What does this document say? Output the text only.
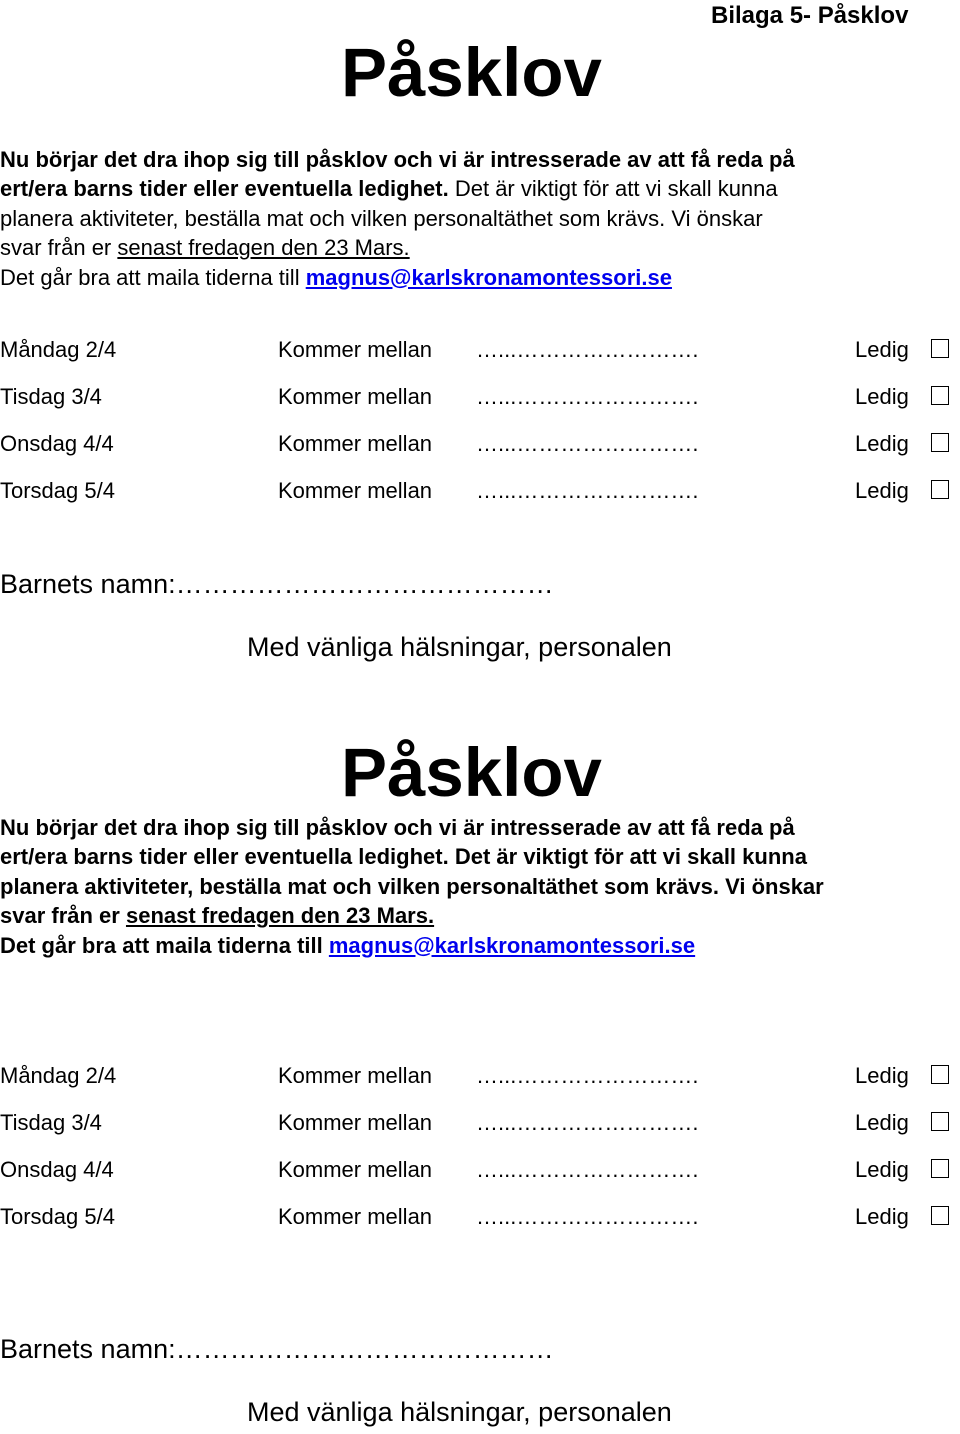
Bilaga 5- Påsklov
Påsklov
Nu börjar det dra ihop sig till påsklov och vi är intresserade av att få reda på
ert/era barns tider eller eventuella ledighet. Det är viktigt för att vi skall kunna
planera aktiviteter, beställa mat och vilken personaltäthet som krävs. Vi önskar
svar från er senast fredagen den 23 Mars.
Det går bra att maila tiderna till magnus@karlskronamontessori.se
Måndag 2/4	Kommer mellan …...…………………….	Ledig
Tisdag 3/4	Kommer mellan …...…………………….	Ledig
Onsdag 4/4	Kommer mellan …...…………………….	Ledig
Torsdag 5/4	Kommer mellan …...…………………….	Ledig
Barnets namn:……………………………………
Med vänliga hälsningar, personalen
Påsklov
Nu börjar det dra ihop sig till påsklov och vi är intresserade av att få reda på
ert/era barns tider eller eventuella ledighet. Det är viktigt för att vi skall kunna
planera aktiviteter, beställa mat och vilken personaltäthet som krävs. Vi önskar
svar från er senast fredagen den 23 Mars.
Det går bra att maila tiderna till magnus@karlskronamontessori.se
Måndag 2/4	Kommer mellan …...…………………….	Ledig
Tisdag 3/4	Kommer mellan …...…………………….	Ledig
Onsdag 4/4	Kommer mellan …...…………………….	Ledig
Torsdag 5/4	Kommer mellan …...…………………….	Ledig
Barnets namn:……………………………………
Med vänliga hälsningar, personalen
